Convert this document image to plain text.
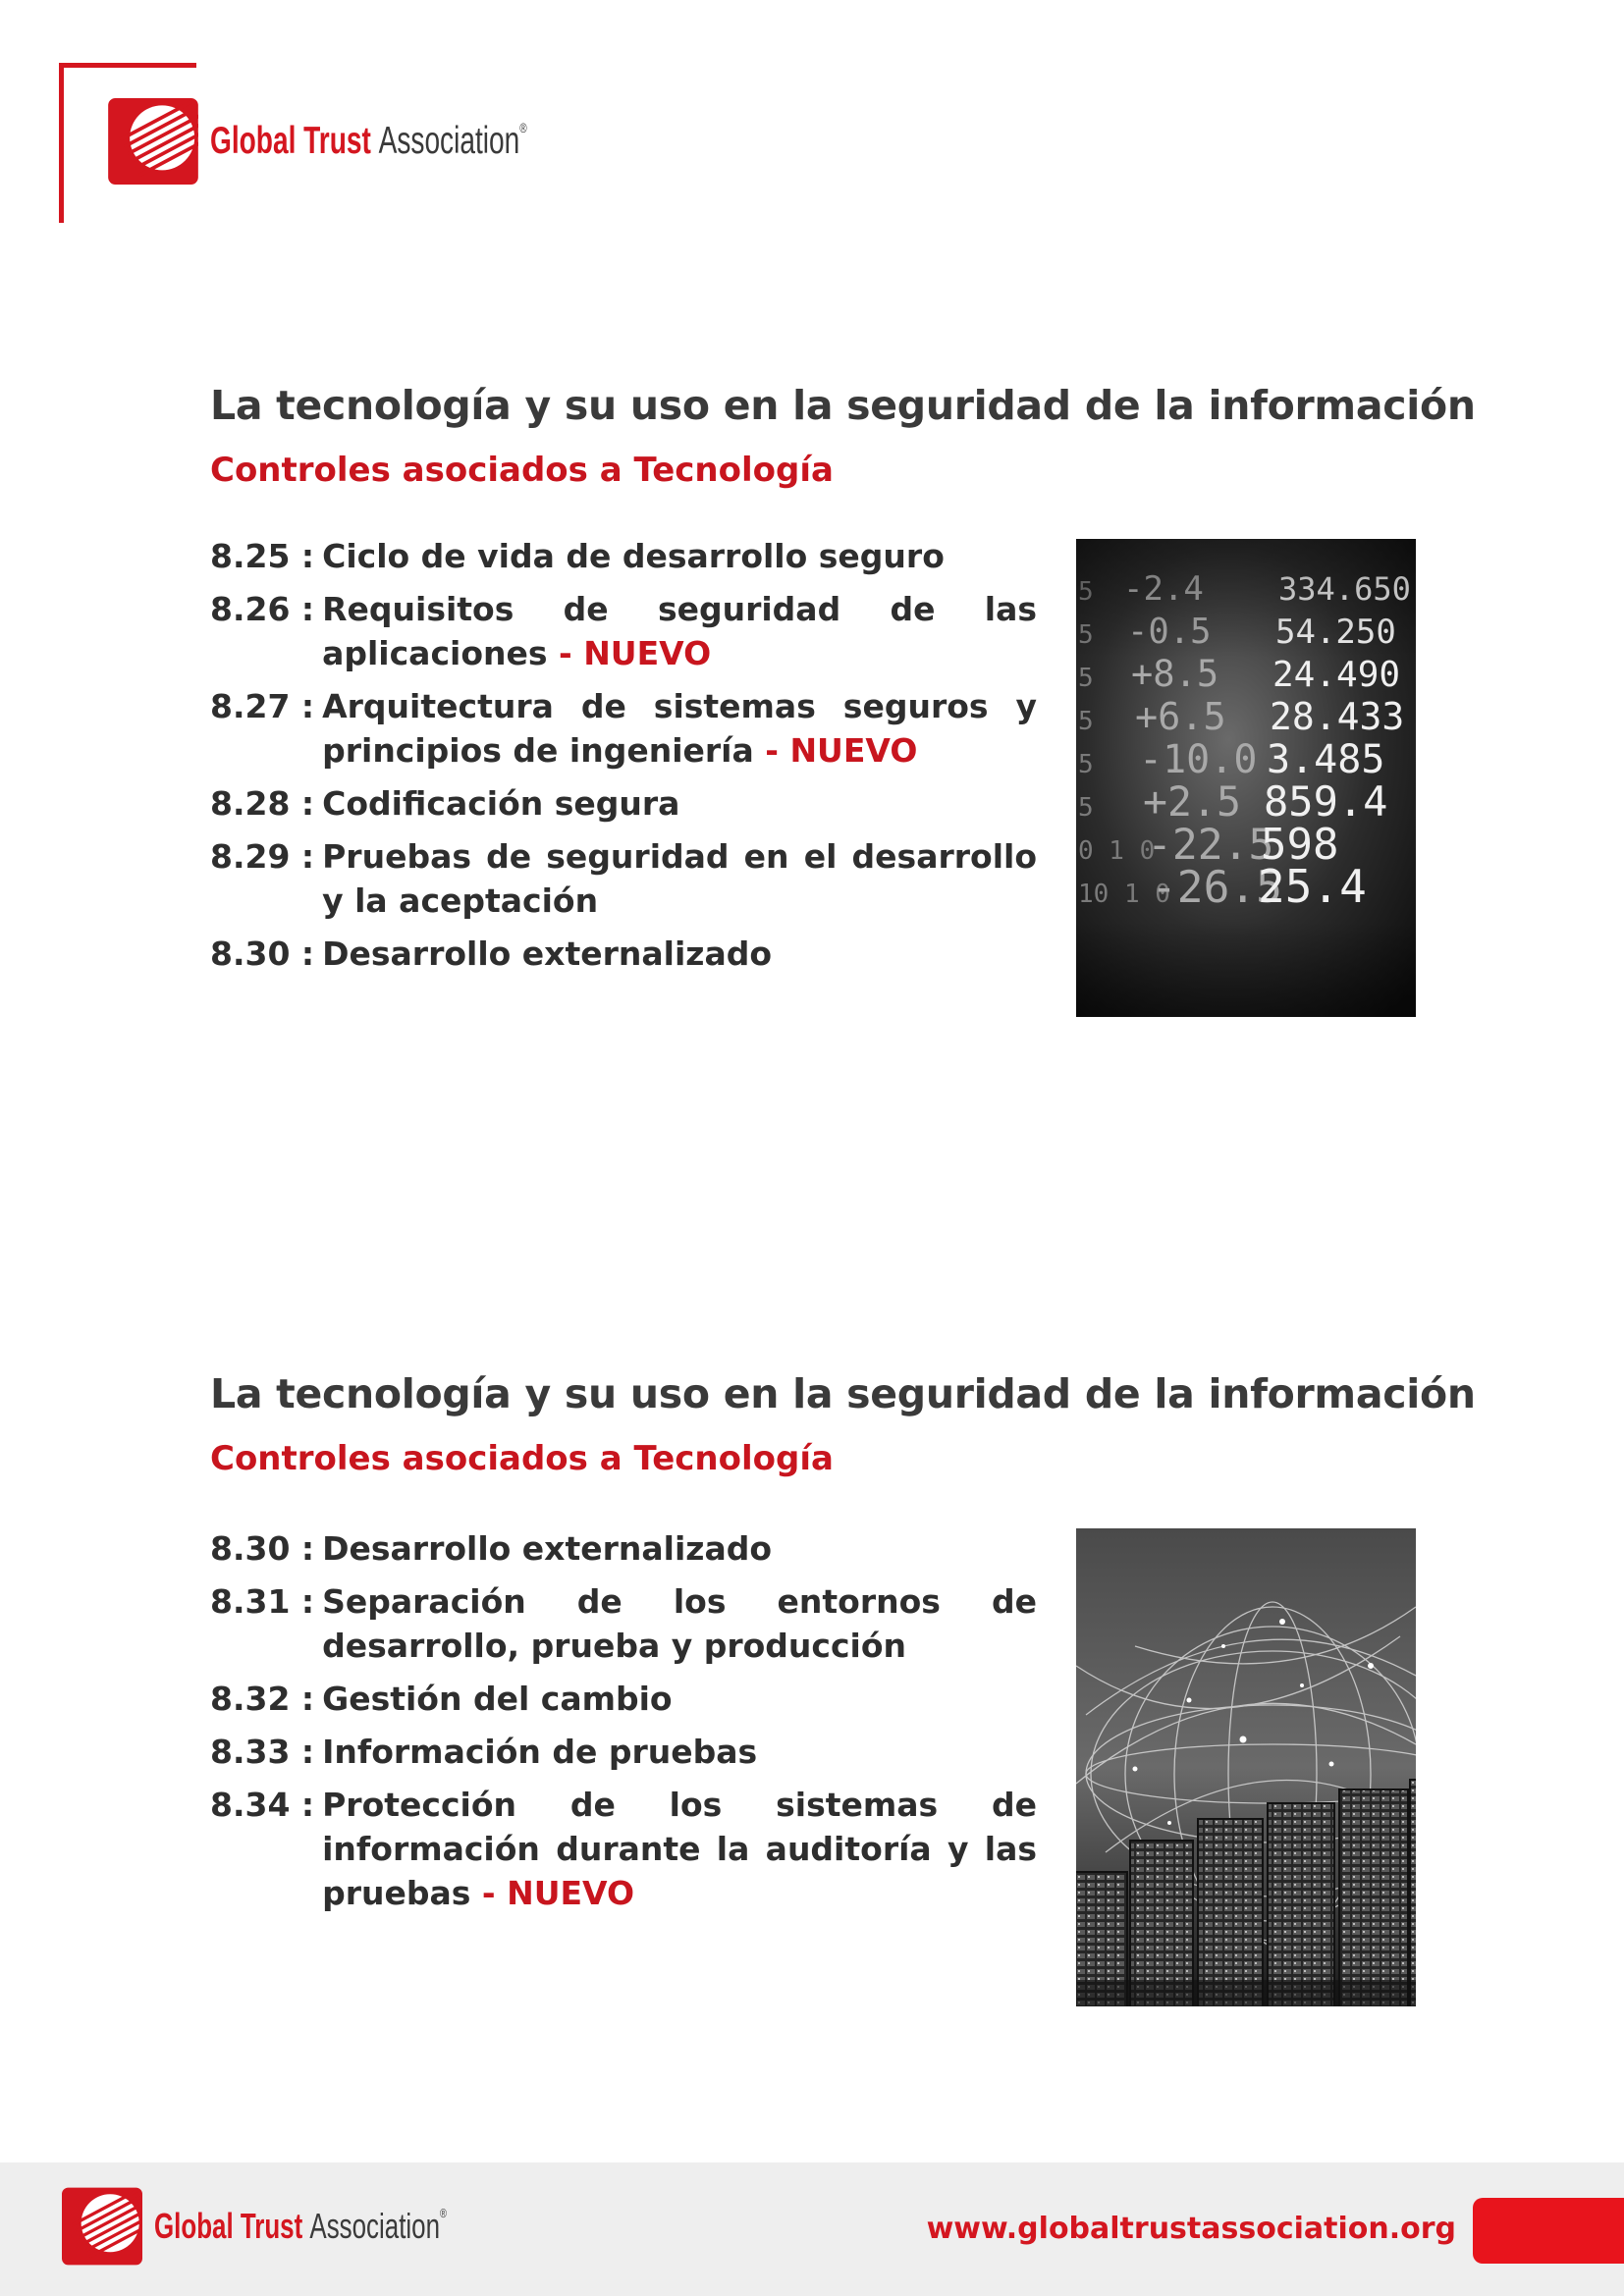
Global Trust
Association ®
La tecnología y su uso en la seguridad de la información
Controles asociados a Tecnología
8.25 : Ciclo de vida de desarrollo seguro
8.26 : Requisitos de seguridad de las aplicaciones - NUEVO
8.27 : Arquitectura de sistemas seguros y principios de ingeniería - NUEVO
8.28 : Codificación segura
8.29 : Pruebas de seguridad en el desarrollo y la aceptación
8.30 : Desarrollo externalizado
La tecnología y su uso en la seguridad de la información
Controles asociados a Tecnología
8.30 : Desarrollo externalizado
8.31 : Separación de los entornos de desarrollo, prueba y producción
8.32 : Gestión del cambio
8.33 : Información de pruebas
8.34 : Protección de los sistemas de información durante la auditoría y las pruebas - NUEVO
Global Trust
Association ®	www.globaltrustassociation.org
